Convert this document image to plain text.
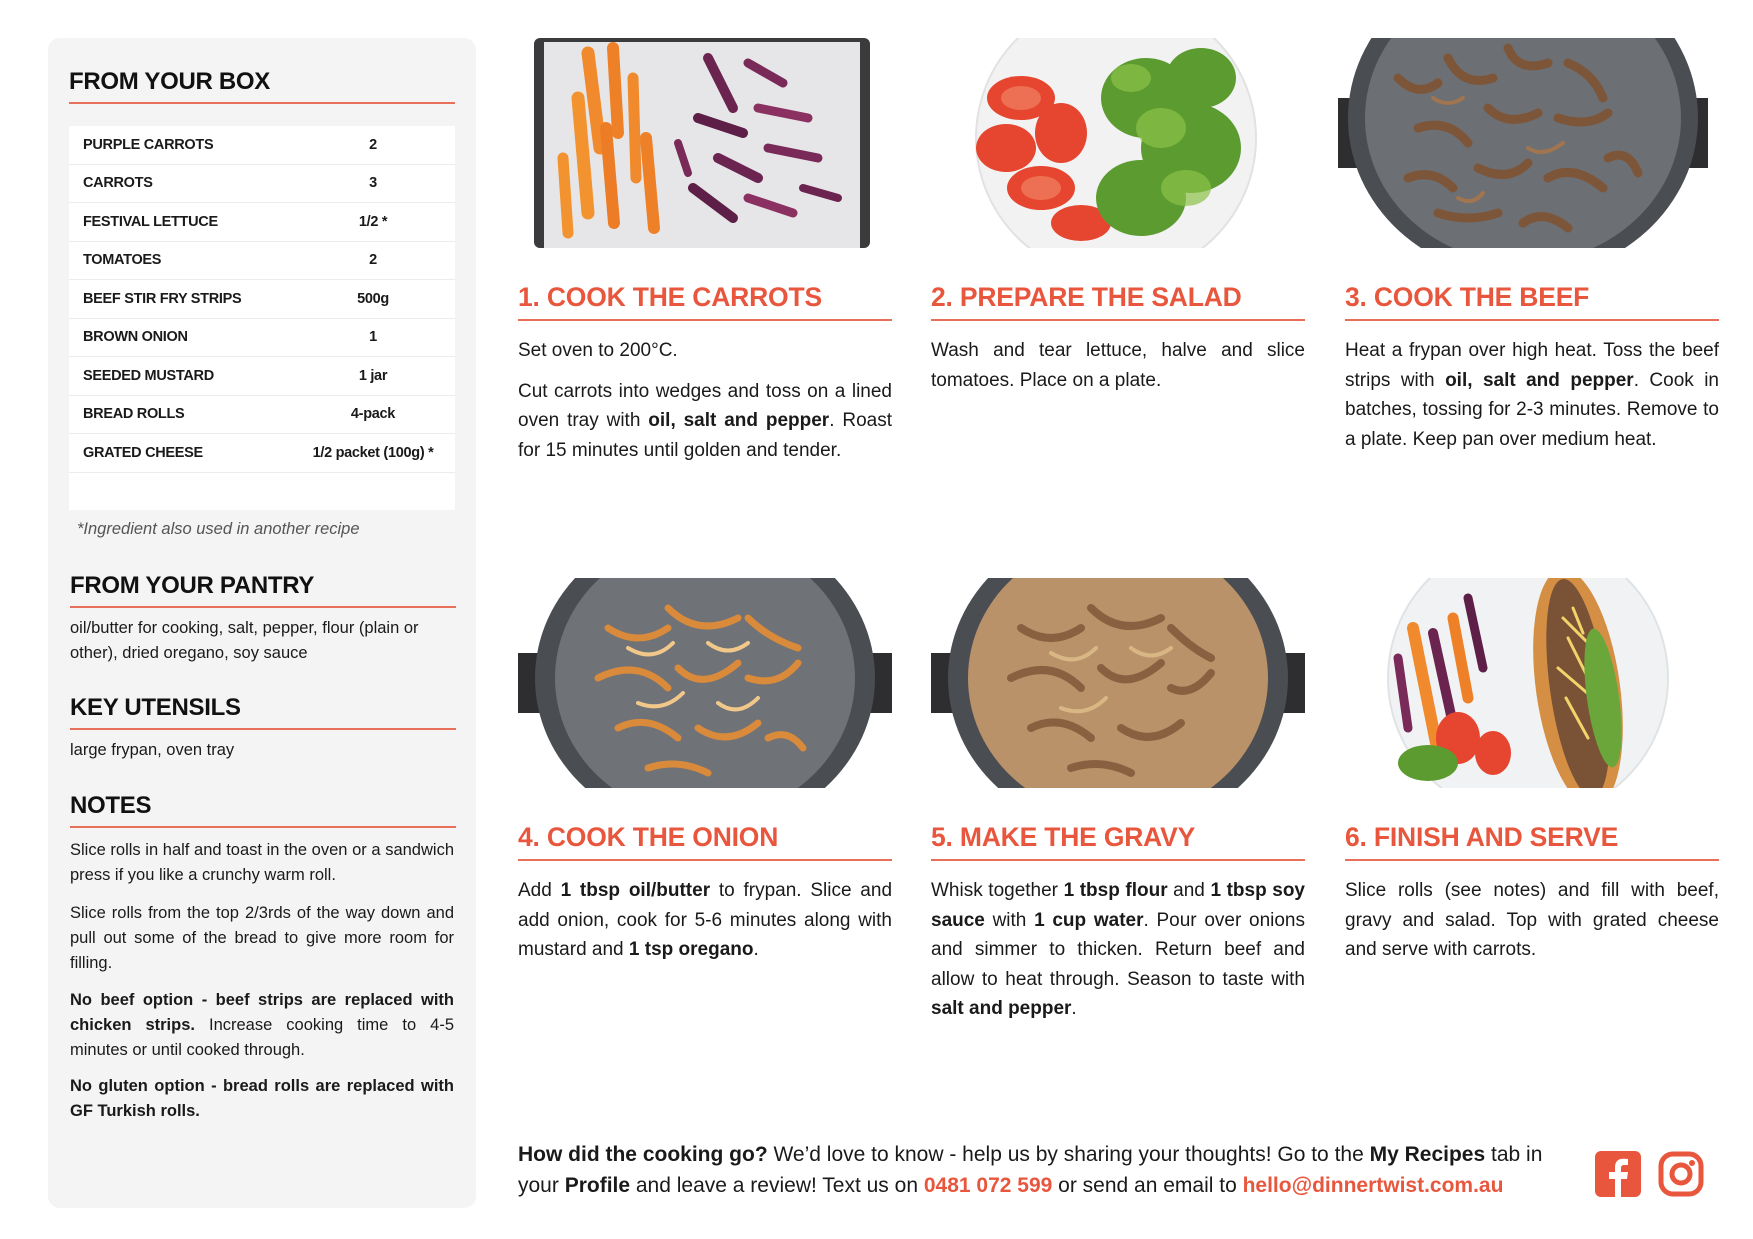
FROM YOUR BOX
PURPLE CARROTS	2
CARROTS	3
FESTIVAL LETTUCE	1/2 *
TOMATOES	2
BEEF STIR FRY STRIPS	500g
BROWN ONION	1
SEEDED MUSTARD	1 jar
BREAD ROLLS	4-pack
GRATED CHEESE	1/2 packet (100g) *
*Ingredient also used in another recipe
FROM YOUR PANTRY
oil/butter for cooking, salt, pepper, flour (plain or other), dried oregano, soy sauce
KEY UTENSILS
large frypan, oven tray
NOTES
Slice rolls in half and toast in the oven or a sandwich press if you like a crunchy warm roll.
Slice rolls from the top 2/3rds of the way down and pull out some of the bread to give more room for filling.
No beef option - beef strips are replaced with chicken strips. Increase cooking time to 4-5 minutes or until cooked through.
No gluten option - bread rolls are replaced with GF Turkish rolls.
1. COOK THE CARROTS
Set oven to 200°C.
Cut carrots into wedges and toss on a lined oven tray with oil, salt and pepper. Roast for 15 minutes until golden and tender.
2. PREPARE THE SALAD
Wash and tear lettuce, halve and slice tomatoes. Place on a plate.
3. COOK THE BEEF
Heat a frypan over high heat. Toss the beef strips with oil, salt and pepper. Cook in batches, tossing for 2-3 minutes. Remove to a plate. Keep pan over medium heat.
4. COOK THE ONION
Add 1 tbsp oil/butter to frypan. Slice and add onion, cook for 5-6 minutes along with mustard and 1 tsp oregano.
5. MAKE THE GRAVY
Whisk together 1 tbsp flour and 1 tbsp soy sauce with 1 cup water. Pour over onions and simmer to thicken. Return beef and allow to heat through. Season to taste with salt and pepper.
6. FINISH AND SERVE
Slice rolls (see notes) and fill with beef, gravy and salad. Top with grated cheese and serve with carrots.
How did the cooking go? We’d love to know - help us by sharing your thoughts! Go to the My Recipes tab in your Profile and leave a review! Text us on 0481 072 599 or send an email to hello@dinnertwist.com.au
